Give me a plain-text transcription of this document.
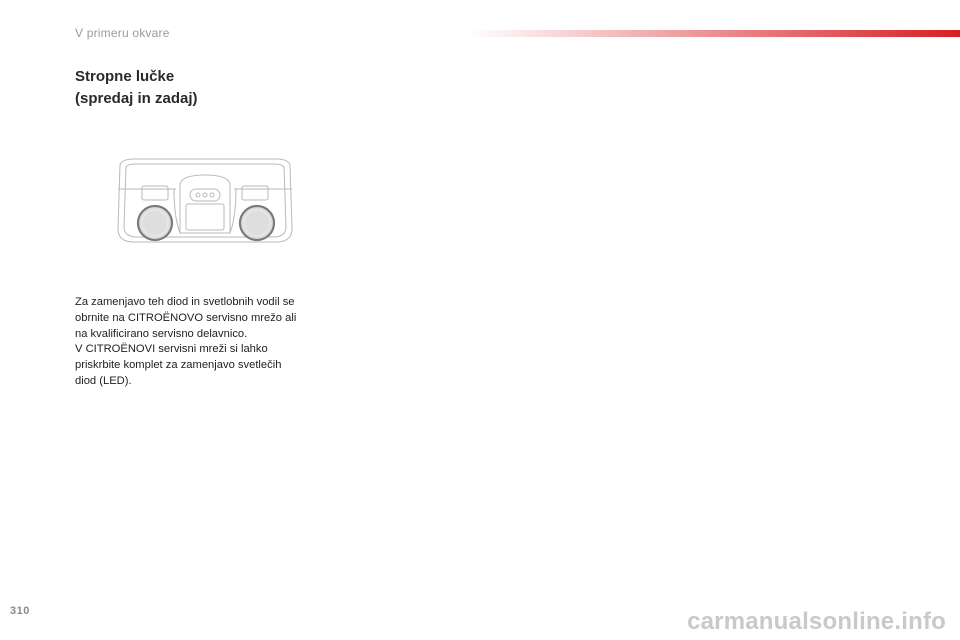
V primeru okvare
Stropne lučke
(spredaj in zadaj)
Za zamenjavo teh diod in svetlobnih vodil se
obrnite na CITROËNOVO servisno mrežo ali
na kvalificirano servisno delavnico.
V CITROËNOVI servisni mreži si lahko
priskrbite komplet za zamenjavo svetlečih
diod (LED).
310	carmanualsonline.info
